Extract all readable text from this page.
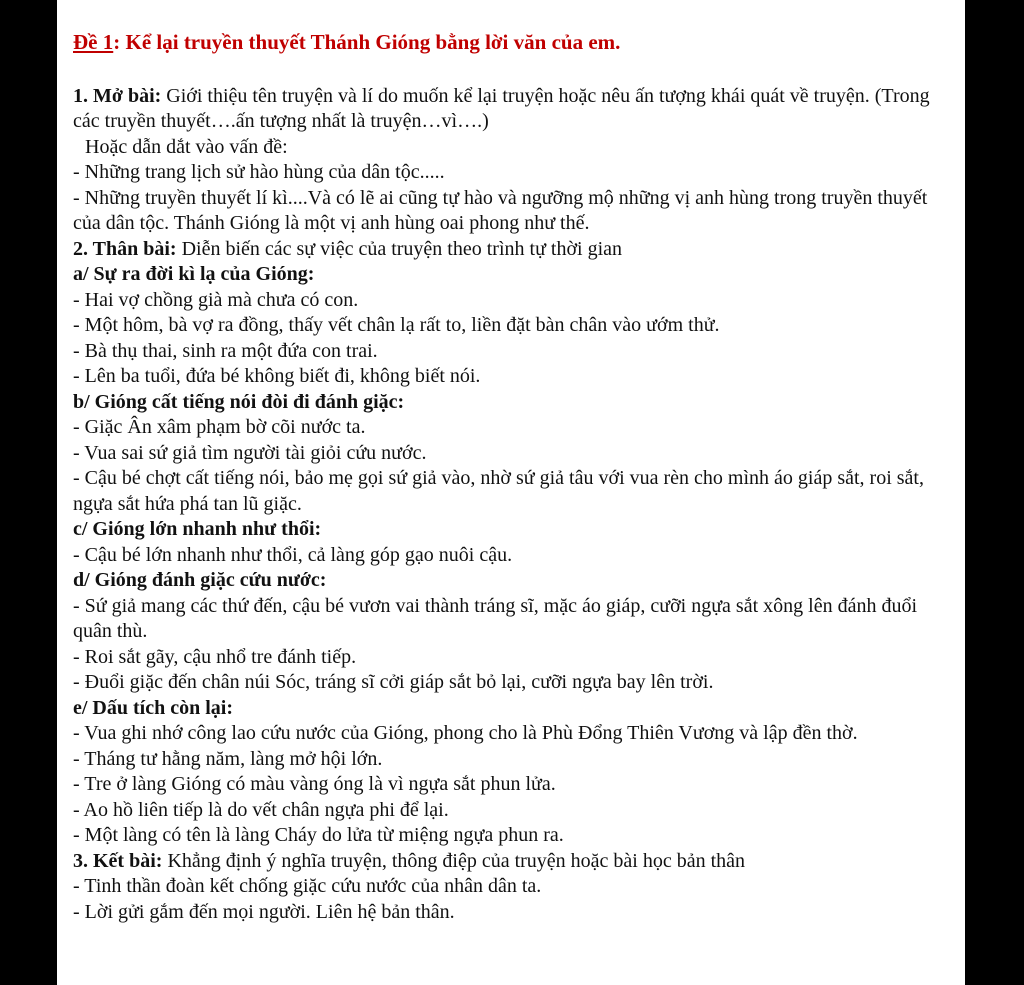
Đề 1: Kể lại truyền thuyết Thánh Gióng bằng lời văn của em.
1. Mở bài: Giới thiệu tên truyện và lí do muốn kể lại truyện hoặc nêu ấn tượng khái quát về truyện. (Trong các truyền thuyết….ấn tượng nhất là truyện…vì….)
Hoặc dẫn dắt vào vấn đề:
- Những trang lịch sử hào hùng của dân tộc.....
- Những truyền thuyết lí kì....Và có lẽ ai cũng tự hào và ngưỡng mộ những vị anh hùng trong truyền thuyết của dân tộc. Thánh Gióng là một vị anh hùng oai phong như thế.
2. Thân bài: Diễn biến các sự việc của truyện theo trình tự thời gian
a/ Sự ra đời kì lạ của Gióng:
- Hai vợ chồng già mà chưa có con.
- Một hôm, bà vợ ra đồng, thấy vết chân lạ rất to, liền đặt bàn chân vào ướm thử.
- Bà thụ thai, sinh ra một đứa con trai.
- Lên ba tuổi, đứa bé không biết đi, không biết nói.
b/ Gióng cất tiếng nói đòi đi đánh giặc:
- Giặc Ân xâm phạm bờ cõi nước ta.
- Vua sai sứ giả tìm người tài giỏi cứu nước.
- Cậu bé chợt cất tiếng nói, bảo mẹ gọi sứ giả vào, nhờ sứ giả tâu với vua rèn cho mình áo giáp sắt, roi sắt, ngựa sắt hứa phá tan lũ giặc.
c/ Gióng lớn nhanh như thổi:
- Cậu bé lớn nhanh như thổi, cả làng góp gạo nuôi cậu.
d/ Gióng đánh giặc cứu nước:
- Sứ giả mang các thứ đến, cậu bé vươn vai thành tráng sĩ, mặc áo giáp, cưỡi ngựa sắt xông lên đánh đuổi quân thù.
- Roi sắt gãy, cậu nhổ tre đánh tiếp.
- Đuổi giặc đến chân núi Sóc, tráng sĩ cởi giáp sắt bỏ lại, cưỡi ngựa bay lên trời.
e/ Dấu tích còn lại:
- Vua ghi nhớ công lao cứu nước của Gióng, phong cho là Phù Đổng Thiên Vương và lập đền thờ.
- Tháng tư hằng năm, làng mở hội lớn.
- Tre ở làng Gióng có màu vàng óng là vì ngựa sắt phun lửa.
- Ao hồ liên tiếp là do vết chân ngựa phi để lại.
- Một làng có tên là làng Cháy do lửa từ miệng ngựa phun ra.
3. Kết bài: Khẳng định ý nghĩa truyện, thông điệp của truyện hoặc bài học bản thân
- Tinh thần đoàn kết chống giặc cứu nước của nhân dân ta.
- Lời gửi gắm đến mọi người. Liên hệ bản thân.
